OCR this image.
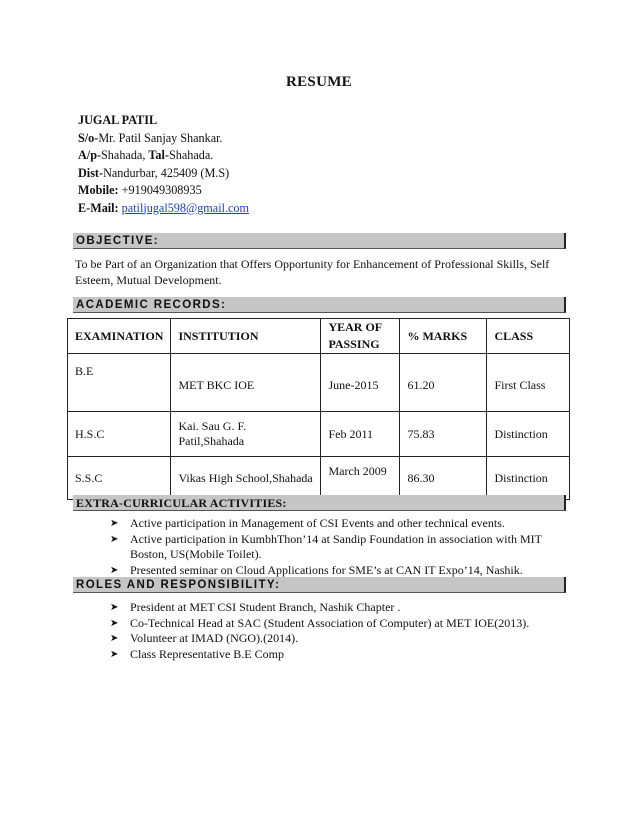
RESUME
JUGAL PATIL
S/o-Mr. Patil Sanjay Shankar.
A/p-Shahada, Tal-Shahada.
Dist-Nandurbar, 425409 (M.S)
Mobile: +919049308935
E-Mail: patiljugal598@gmail.com
OBJECTIVE:
To be Part of an Organization that Offers Opportunity for Enhancement of Professional Skills, Self Esteem, Mutual Development.
ACADEMIC RECORDS:
EXAMINATION	INSTITUTION	YEAR OF PASSING	% MARKS	CLASS
B.E	MET BKC IOE	June-2015	61.20	First Class
H.S.C	Kai. Sau G. F. Patil,Shahada	Feb 2011	75.83	Distinction
S.S.C	Vikas High School,Shahada	March 2009	86.30	Distinction
EXTRA-CURRICULAR ACTIVITIES:
➤ Active participation in Management of CSI Events and other technical events.
➤ Active participation in KumbhThon’14 at Sandip Foundation in association with MIT Boston, US(Mobile Toilet).
➤ Presented seminar on Cloud Applications for SME’s at CAN IT Expo’14, Nashik.
ROLES AND RESPONSIBILITY:
➤ President at MET CSI Student Branch, Nashik Chapter .
➤ Co-Technical Head at SAC (Student Association of Computer) at MET IOE(2013).
➤ Volunteer at IMAD (NGO).(2014).
➤ Class Representative B.E Comp
